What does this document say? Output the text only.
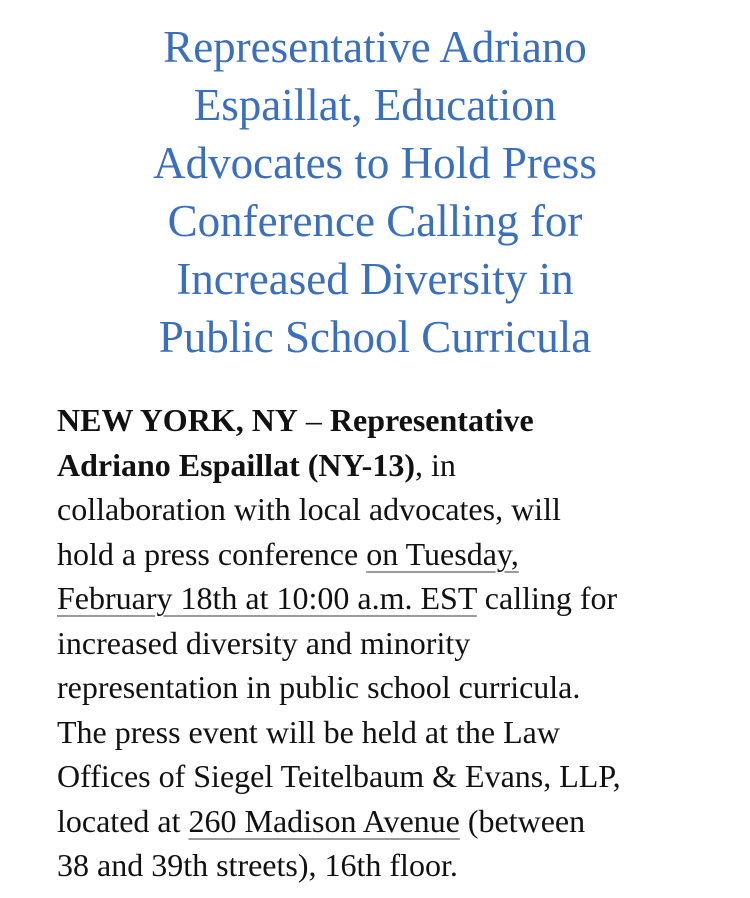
Representative Adriano
Espaillat, Education
Advocates to Hold Press
Conference Calling for
Increased Diversity in
Public School Curricula

NEW YORK, NY – Representative
Adriano Espaillat (NY-13), in
collaboration with local advocates, will
hold a press conference on Tuesday,
February 18th at 10:00 a.m. EST calling for
increased diversity and minority
representation in public school curricula.
The press event will be held at the Law
Offices of Siegel Teitelbaum & Evans, LLP,
located at 260 Madison Avenue (between
38 and 39th streets), 16th floor.
